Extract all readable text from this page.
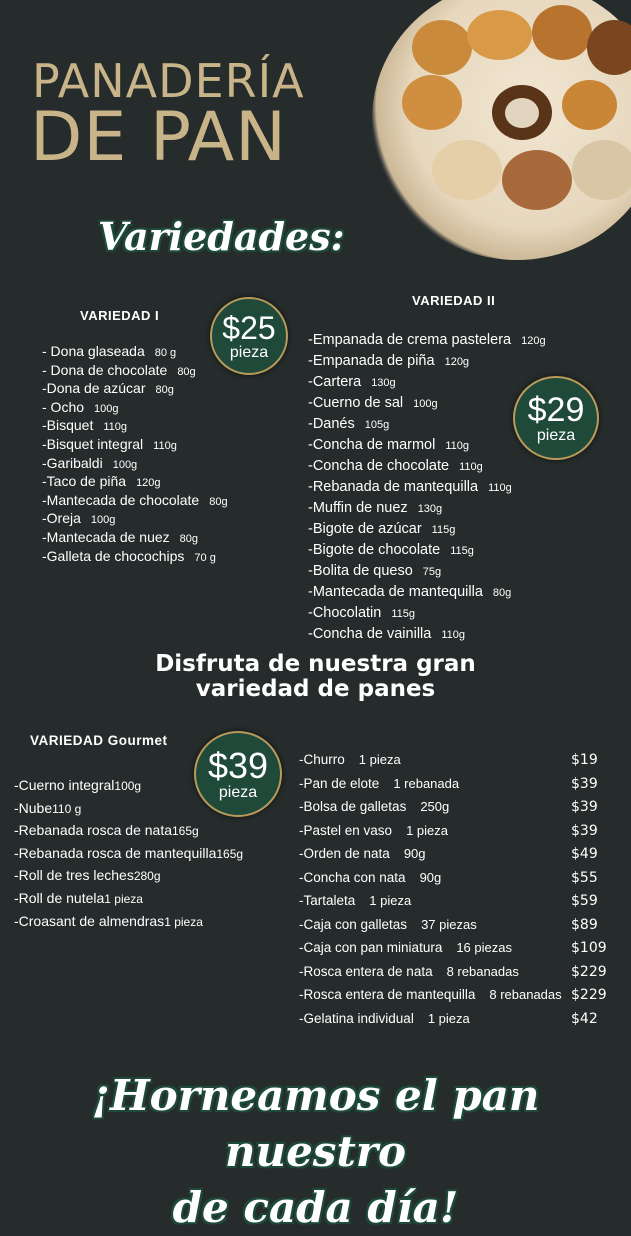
PANADERÍA
DE PAN
Variedades:
VARIEDAD I $25
pieza
- Dona glaseada 80 g
- Dona de chocolate 80g
-Dona de azúcar 80g
- Ocho 100g
-Bisquet 110g
-Bisquet integral 110g
-Garibaldi 100g
-Taco de piña 120g
-Mantecada de chocolate 80g
-Oreja 100g
-Mantecada de nuez 80g
-Galleta de chocochips 70 g
VARIEDAD II
$29
pieza
-Empanada de crema pastelera 120g
-Empanada de piña 120g
-Cartera 130g
-Cuerno de sal 100g
-Danés 105g
-Concha de marmol 110g
-Concha de chocolate 110g
-Rebanada de mantequilla 110g
-Muffin de nuez 130g
-Bigote de azúcar 115g
-Bigote de chocolate 115g
-Bolita de queso 75g
-Mantecada de mantequilla 80g
-Chocolatin 115g
-Concha de vainilla 110g
Disfruta de nuestra gran
variedad de panes
VARIEDAD Gourmet
$39
pieza
-Cuerno integral100g
-Nube110 g
-Rebanada rosca de nata165g
-Rebanada rosca de mantequilla165g
-Roll de tres leches280g
-Roll de nutela1 pieza
-Croasant de almendras1 pieza
-Churro 1 pieza	$19
-Pan de elote 1 rebanada	$39
-Bolsa de galletas 250g	$39
-Pastel en vaso 1 pieza	$39
-Orden de nata 90g	$49
-Concha con nata 90g	$55
-Tartaleta 1 pieza	$59
-Caja con galletas 37 piezas	$89
-Caja con pan miniatura 16 piezas	$109
-Rosca entera de nata 8 rebanadas	$229
-Rosca entera de mantequilla 8 rebanadas $229
-Gelatina individual 1 pieza	$42
¡Horneamos el pan nuestro
de cada día!
